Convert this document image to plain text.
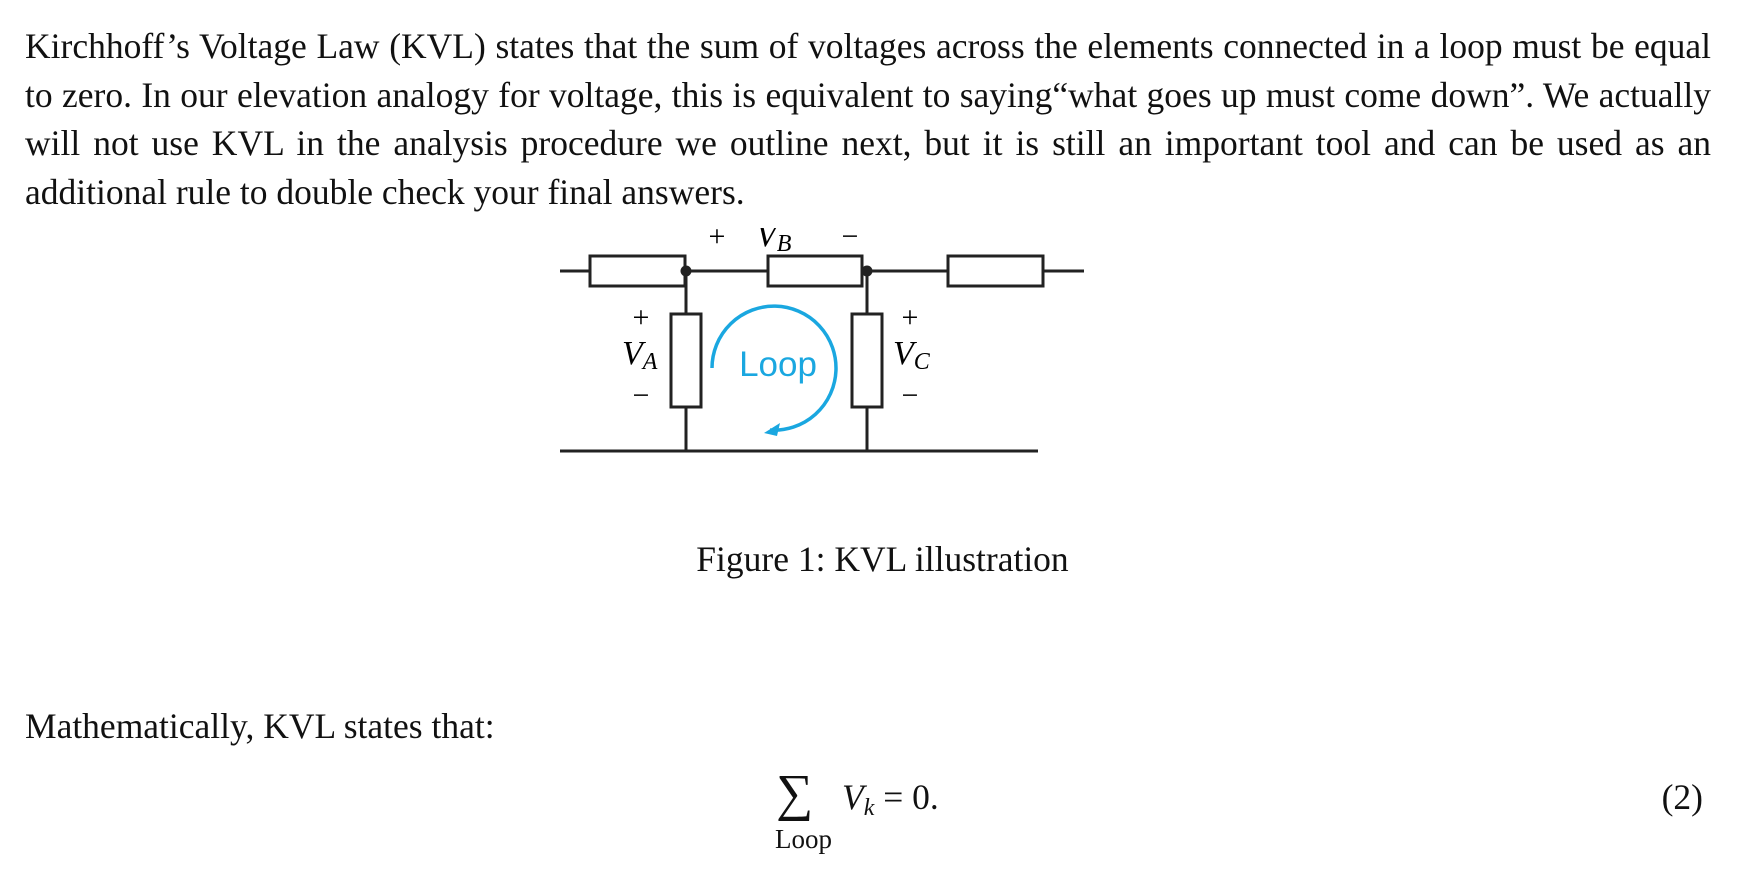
Kirchhoff’s Voltage Law (KVL) states that the sum of voltages across the elements connected in a loop must be equal to zero. In our elevation analogy for voltage, this is equivalent to saying“what goes up must come down”. We actually will not use KVL in the analysis procedure we outline next, but it is still an important tool and can be used as an additional rule to double check your final answers.

Loop
+ VB −
+
VA
−
+
VC
−

Figure 1: KVL illustration

Mathematically, KVL states that:

∑
Loop
$V_k = 0$.	(2)
